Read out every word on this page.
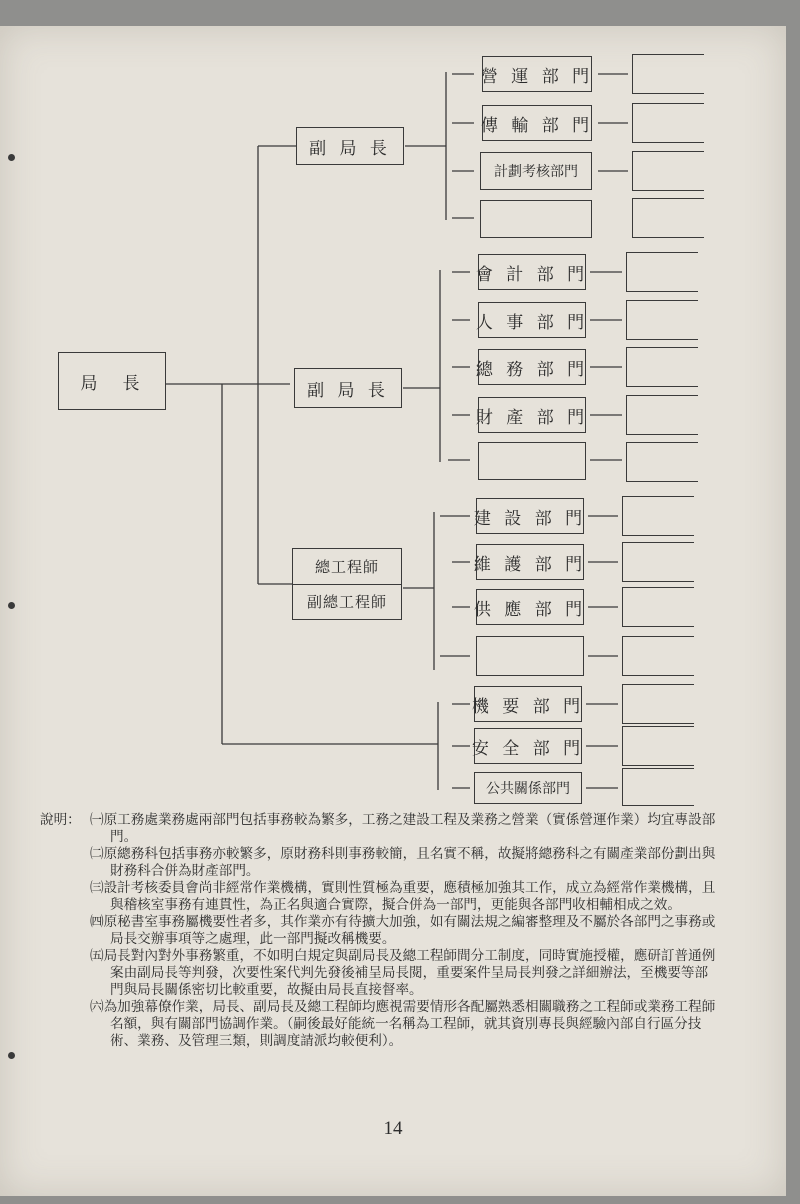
局　長
副 局 長
副 局 長
總工程師
副總工程師
營 運 部 門
傳 輸 部 門
計劃考核部門
會 計 部 門
人 事 部 門
總 務 部 門
財 產 部 門
建 設 部 門
維 護 部 門
供 應 部 門
機 要 部 門
安 全 部 門
公共關係部門
說明： ㈠原工務處業務處兩部門包括事務較為繁多，工務之建設工程及業務之營業（實係營運作業）均宜專設部門。
㈡原總務科包括事務亦較繁多，原財務科則事務較簡，且名實不稱，故擬將總務科之有關產業部份劃出與財務科合併為財產部門。
㈢設計考核委員會尚非經常作業機構，實則性質極為重要，應積極加強其工作，成立為經常作業機構，且與稽核室事務有連貫性，為正名與適合實際，擬合併為一部門，更能與各部門收相輔相成之效。
㈣原秘書室事務屬機要性者多，其作業亦有待擴大加強，如有關法規之編審整理及不屬於各部門之事務或局長交辦事項等之處理，此一部門擬改稱機要。
㈤局長對內對外事務繁重，不如明白規定與副局長及總工程師間分工制度，同時實施授權，應研訂普通例案由副局長等判發，次要性案代判先發後補呈局長閱，重要案件呈局長判發之詳細辦法，至機要等部門與局長關係密切比較重要，故擬由局長直接督率。
㈥為加強幕僚作業，局長、副局長及總工程師均應視需要情形各配屬熟悉相關職務之工程師或業務工程師名額，與有關部門協調作業。（嗣後最好能統一名稱為工程師，就其資別專長與經驗內部自行區分技術、業務、及管理三類，則調度請派均較便利）。
14
